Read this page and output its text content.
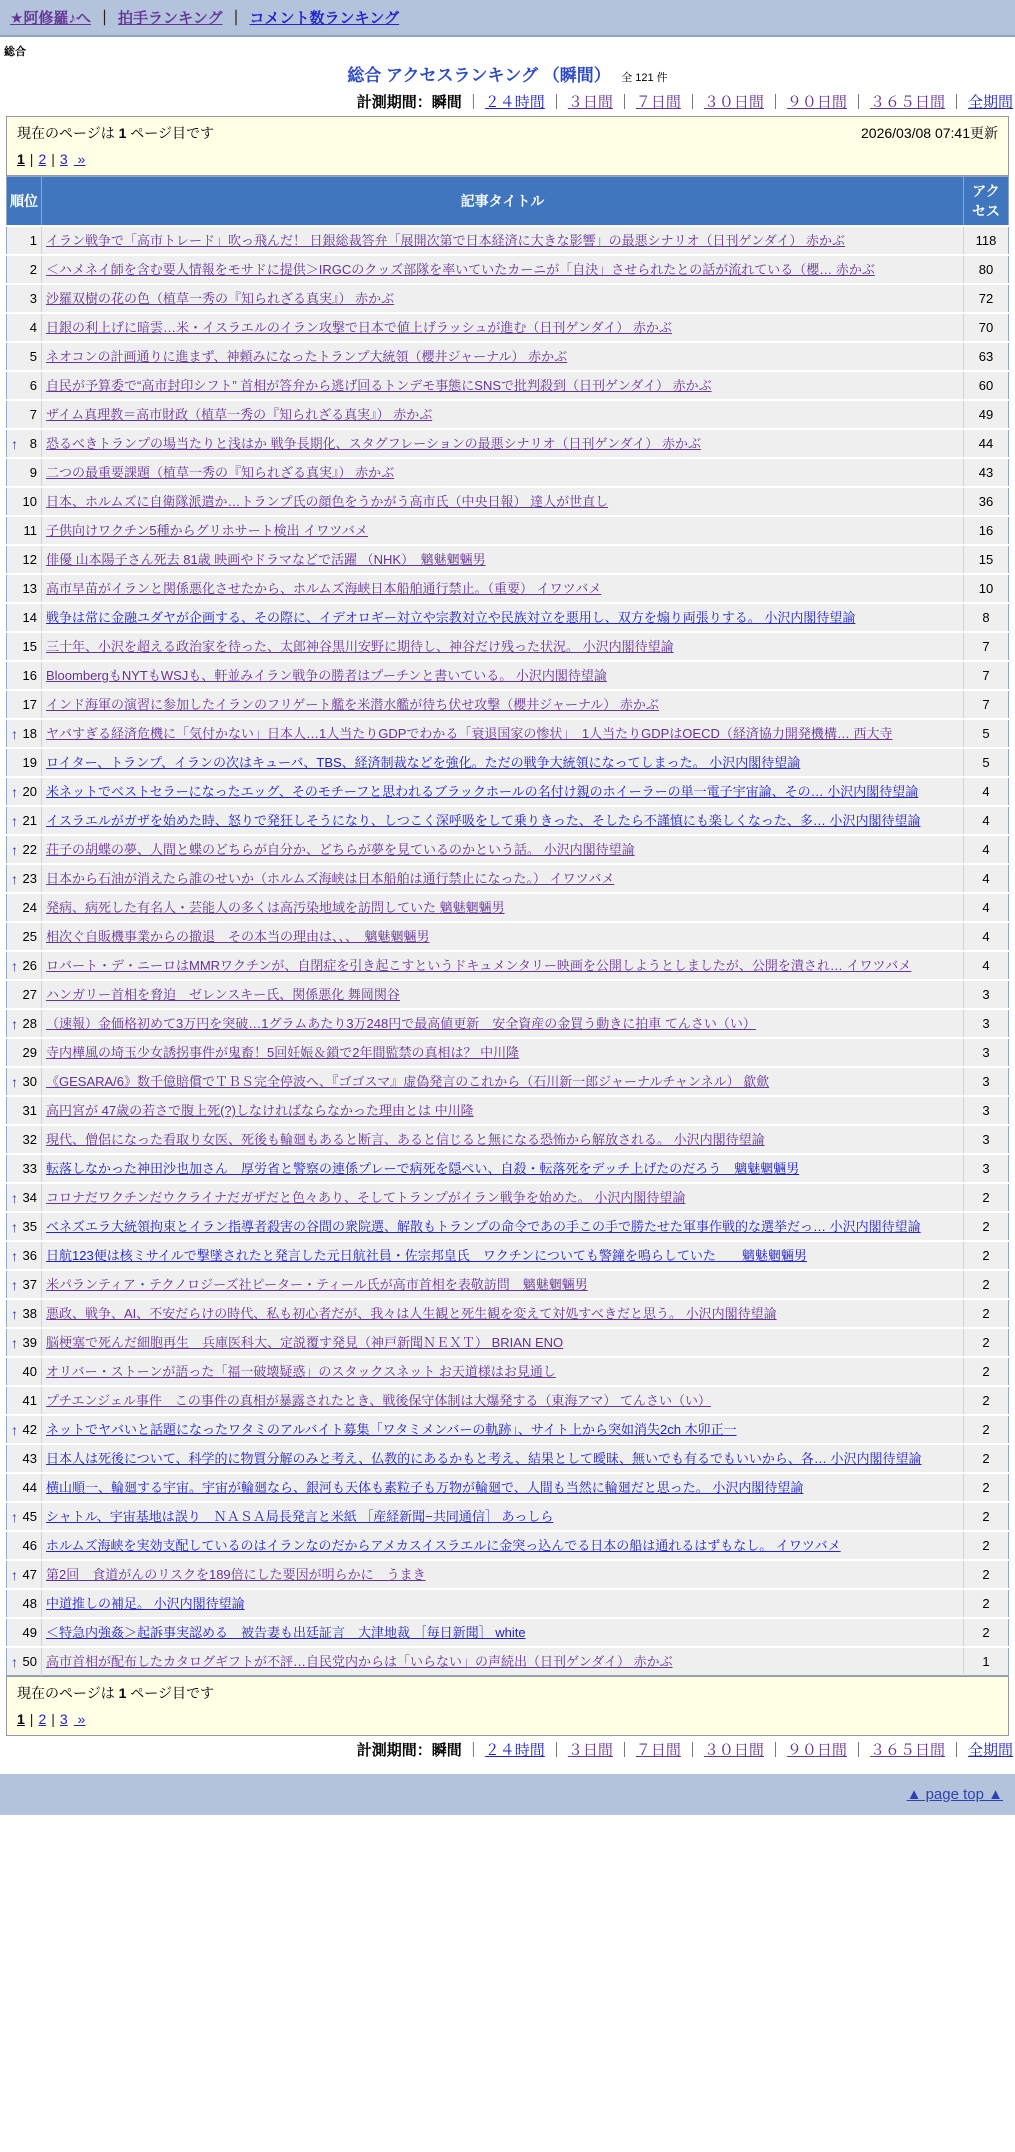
★阿修羅♪へ ｜ 拍手ランキング ｜ コメント数ランキング
総合
総合 アクセスランキング （瞬間） 全 121 件
計測期間：瞬間 ｜ ２４時間 ｜ ３日間 ｜ ７日間 ｜ ３０日間 ｜ ９０日間 ｜ ３６５日間 ｜ 全期間
現在のページは 1 ページ目です	2026/03/08 07:41更新
1 | 2 | 3 »
順位	記事タイトル	アクセス

1	イラン戦争で「高市トレード」吹っ飛んだ！ 日銀総裁答弁「展開次第で日本経済に大きな影響」の最悪シナリオ（日刊ゲンダイ） 赤かぶ	118

2	＜ハメネイ師を含む要人情報をモサドに提供＞IRGCのクッズ部隊を率いていたカーニが「自決」させられたとの話が流れている（櫻… 赤かぶ	80

3	沙羅双樹の花の色（植草一秀の『知られざる真実』） 赤かぶ	72

4	日銀の利上げに暗雲…米・イスラエルのイラン攻撃で日本で値上げラッシュが進む（日刊ゲンダイ） 赤かぶ	70

5	ネオコンの計画通りに進まず、神頼みになったトランプ大統領（櫻井ジャーナル） 赤かぶ	63

6	自民が予算委で“高市封印シフト” 首相が答弁から逃げ回るトンデモ事態にSNSで批判殺到（日刊ゲンダイ） 赤かぶ	60

7	ザイム真理教＝高市財政（植草一秀の『知られざる真実』） 赤かぶ	49

↑ 8	恐るべきトランプの場当たりと浅はか 戦争長期化、スタグフレーションの最悪シナリオ（日刊ゲンダイ） 赤かぶ	44

9	二つの最重要課題（植草一秀の『知られざる真実』） 赤かぶ	43

10	日本、ホルムズに自衛隊派遣か…トランプ氏の顔色をうかがう高市氏（中央日報） 達人が世直し	36

11	子供向けワクチン5種からグリホサート検出 イワツバメ	16

12	俳優 山本陽子さん死去 81歳 映画やドラマなどで活躍 （NHK）　魑魅魍魎男	15

13	高市早苗がイランと関係悪化させたから、ホルムズ海峡日本船舶通行禁止。（重要） イワツバメ	10

14	戦争は常に金融ユダヤが企画する、その際に、イデオロギー対立や宗教対立や民族対立を悪用し、双方を煽り両張りする。 小沢内閣待望論	8

15	三十年、小沢を超える政治家を待った、太郎神谷黒川安野に期待し、神谷だけ残った状況。 小沢内閣待望論	7

16	BloombergもNYTもWSJも、軒並みイラン戦争の勝者はプーチンと書いている。 小沢内閣待望論	7

17	インド海軍の演習に参加したイランのフリゲート艦を米潜水艦が待ち伏せ攻撃（櫻井ジャーナル） 赤かぶ	7

↑ 18	ヤバすぎる経済危機に「気付かない」日本人…1人当たりGDPでわかる「衰退国家の惨状」　1人当たりGDPはOECD（経済協力開発機構… 西大寺	5

19	ロイター、トランプ、イランの次はキューバ、TBS、経済制裁などを強化。ただの戦争大統領になってしまった。 小沢内閣待望論	5

↑ 20	米ネットでベストセラーになったエッグ、そのモチーフと思われるブラックホールの名付け親のホイーラーの単一電子宇宙論、その… 小沢内閣待望論	4

↑ 21	イスラエルがガザを始めた時、怒りで発狂しそうになり、しつこく深呼吸をして乗りきった、そしたら不謹慎にも楽しくなった、多… 小沢内閣待望論	4

↑ 22	荘子の胡蝶の夢、人間と蝶のどちらが自分か、どちらが夢を見ているのかという話。 小沢内閣待望論	4

↑ 23	日本から石油が消えたら誰のせいか（ホルムズ海峡は日本船舶は通行禁止になった。） イワツバメ	4

24	発病、病死した有名人・芸能人の多くは高汚染地域を訪問していた 魑魅魍魎男	4

25	相次ぐ自販機事業からの撤退　その本当の理由は、、、　魑魅魍魎男	4

↑ 26	ロバート・デ・ニーロはMMRワクチンが、自閉症を引き起こすというドキュメンタリー映画を公開しようとしましたが、公開を潰され… イワツバメ	4

27	ハンガリー首相を脅迫　ゼレンスキー氏、関係悪化 舞岡関谷	3

↑ 28	（速報）金価格初めて3万円を突破…1グラムあたり3万248円で最高値更新　安全資産の金買う動きに拍車 てんさい（い）	3

29	寺内樺風の埼玉少女誘拐事件が鬼畜！5回妊娠＆鎖で2年間監禁の真相は？ 中川隆	3

↑ 30	《GESARA/6》数千億賠償でＴＢＳ完全停波へ、『ゴゴスマ』虚偽発言のこれから（石川新一郎ジャーナルチャンネル） 歙歛	3

31	高円宮が 47歳の若さで腹上死(?)しなければならなかった理由とは 中川隆	3

32	現代、僧侶になった看取り女医、死後も輪廻もあると断言、あると信じると無になる恐怖から解放される。 小沢内閣待望論	3

33	転落しなかった神田沙也加さん　厚労省と警察の連係プレーで病死を隠ぺい、自殺・転落死をデッチ上げたのだろう　魑魅魍魎男	3

↑ 34	コロナだワクチンだウクライナだガザだと色々あり、そしてトランプがイラン戦争を始めた。 小沢内閣待望論	2

↑ 35	ベネズエラ大統領拘束とイラン指導者殺害の谷間の衆院選、解散もトランプの命令であの手この手で勝たせた軍事作戦的な選挙だっ… 小沢内閣待望論	2

↑ 36	日航123便は核ミサイルで撃墜されたと発言した元日航社員・佐宗邦皇氏　ワクチンについても警鐘を鳴らしていた　　魑魅魍魎男	2

↑ 37	米パランティア・テクノロジーズ社ピーター・ティール氏が高市首相を表敬訪問　魑魅魍魎男	2

↑ 38	悪政、戦争、AI、不安だらけの時代、私も初心者だが、我々は人生観と死生観を変えて対処すべきだと思う。 小沢内閣待望論	2

↑ 39	脳梗塞で死んだ細胞再生　兵庫医科大、定説覆す発見（神戸新聞ＮＥＸＴ） BRIAN ENO	2

40	オリバー・ストーンが語った「福一破壊疑惑」のスタックスネット お天道様はお見通し	2

41	プチエンジェル事件　この事件の真相が暴露されたとき、戦後保守体制は大爆発する（東海アマ） てんさい（い）	2

↑ 42	ネットでヤバいと話題になったワタミのアルバイト募集「ワタミメンバーの軌跡」、サイト上から突如消失2ch 木卯正一	2

43	日本人は死後について、科学的に物質分解のみと考え、仏教的にあるかもと考え、結果として曖昧、無いでも有るでもいいから、各… 小沢内閣待望論	2

44	横山順一、輪廻する宇宙。宇宙が輪廻なら、銀河も天体も素粒子も万物が輪廻で、人間も当然に輪廻だと思った。 小沢内閣待望論	2

↑ 45	シャトル、宇宙基地は誤り　ＮＡＳＡ局長発言と米紙 ［産経新聞−共同通信］ あっしら	2

46	ホルムズ海峡を実効支配しているのはイランなのだからアメカスイスラエルに金突っ込んでる日本の船は通れるはずもなし。 イワツバメ	2

↑ 47	第2回　食道がんのリスクを189倍にした要因が明らかに　うまき	2

48	中道推しの補足。 小沢内閣待望論	2

49	＜特急内強姦＞起訴事実認める　被告妻も出廷証言　大津地裁 ［毎日新聞］ white	2

↑ 50	高市首相が配布したカタログギフトが不評…自民党内からは「いらない」の声続出（日刊ゲンダイ） 赤かぶ	1
現在のページは 1 ページ目です
1 | 2 | 3 »
計測期間：瞬間 ｜ ２４時間 ｜ ３日間 ｜ ７日間 ｜ ３０日間 ｜ ９０日間 ｜ ３６５日間 ｜ 全期間
▲ page top ▲
